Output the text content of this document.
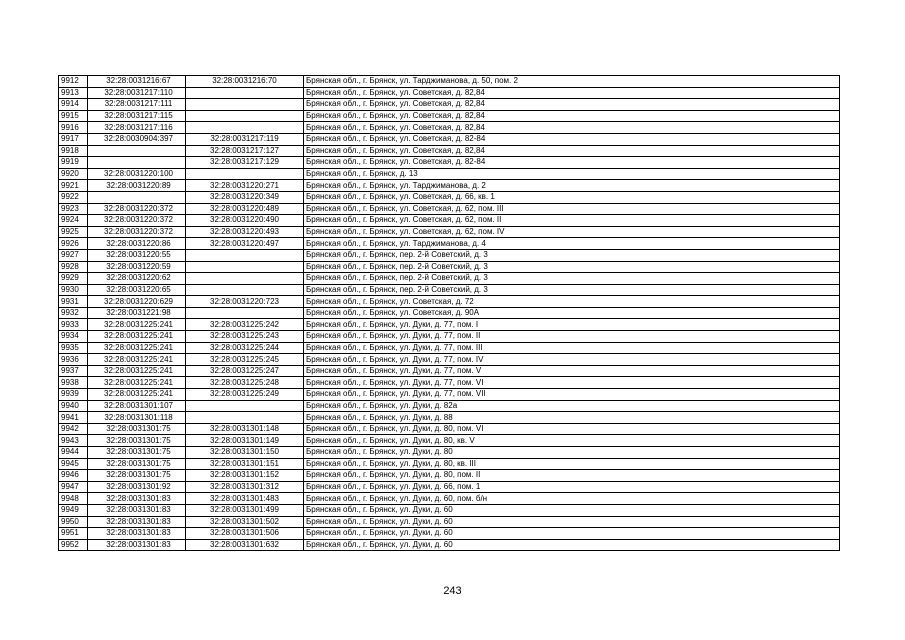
9912	32:28:0031216:67	32:28:0031216:70	Брянская обл., г. Брянск, ул. Тарджиманова, д. 50, пом. 2
9913	32:28:0031217:110		Брянская обл., г. Брянск, ул. Советская, д. 82,84
9914	32:28:0031217:111		Брянская обл., г. Брянск, ул. Советская, д. 82,84
9915	32:28:0031217:115		Брянская обл., г. Брянск, ул. Советская, д. 82,84
9916	32:28:0031217:116		Брянская обл., г. Брянск, ул. Советская, д. 82,84
9917	32:28:0030904:397	32:28:0031217:119	Брянская обл., г. Брянск, ул. Советская, д. 82-84
9918		32:28:0031217:127	Брянская обл., г. Брянск, ул. Советская, д. 82,84
9919		32:28:0031217:129	Брянская обл., г. Брянск, ул. Советская, д. 82-84
9920	32:28:0031220:100		Брянская обл., г. Брянск, д. 13
9921	32:28:0031220:89	32:28:0031220:271	Брянская обл., г. Брянск, ул. Тарджиманова, д. 2
9922		32:28:0031220:349	Брянская обл., г. Брянск, ул. Советская, д. 66, кв. 1
9923	32:28:0031220:372	32:28:0031220:489	Брянская обл., г. Брянск, ул. Советская, д. 62, пом. III
9924	32:28:0031220:372	32:28:0031220:490	Брянская обл., г. Брянск, ул. Советская, д. 62, пом. II
9925	32:28:0031220:372	32:28:0031220:493	Брянская обл., г. Брянск, ул. Советская, д. 62, пом. IV
9926	32:28:0031220:86	32:28:0031220:497	Брянская обл., г. Брянск, ул. Тарджиманова, д. 4
9927	32:28:0031220:55		Брянская обл., г. Брянск, пер. 2-й Советский, д. 3
9928	32:28:0031220:59		Брянская обл., г. Брянск, пер. 2-й Советский, д. 3
9929	32:28:0031220:62		Брянская обл., г. Брянск, пер. 2-й Советский, д. 3
9930	32:28:0031220:65		Брянская обл., г. Брянск, пер. 2-й Советский, д. 3
9931	32:28:0031220:629	32:28:0031220:723	Брянская обл., г. Брянск, ул. Советская, д. 72
9932	32:28:0031221:98		Брянская обл., г. Брянск, ул. Советская, д. 90А
9933	32:28:0031225:241	32:28:0031225:242	Брянская обл., г. Брянск, ул. Дуки, д. 77, пом. I
9934	32:28:0031225:241	32:28:0031225:243	Брянская обл., г. Брянск, ул. Дуки, д. 77, пом. II
9935	32:28:0031225:241	32:28:0031225:244	Брянская обл., г. Брянск, ул. Дуки, д. 77, пом. III
9936	32:28:0031225:241	32:28:0031225:245	Брянская обл., г. Брянск, ул. Дуки, д. 77, пом. IV
9937	32:28:0031225:241	32:28:0031225:247	Брянская обл., г. Брянск, ул. Дуки, д. 77, пом. V
9938	32:28:0031225:241	32:28:0031225:248	Брянская обл., г. Брянск, ул. Дуки, д. 77, пом. VI
9939	32:28:0031225:241	32:28:0031225:249	Брянская обл., г. Брянск, ул. Дуки, д. 77, пом. VII
9940	32:28:0031301:107		Брянская обл., г. Брянск, ул. Дуки, д. 82а
9941	32:28:0031301:118		Брянская обл., г. Брянск, ул. Дуки, д. 88
9942	32:28:0031301:75	32:28:0031301:148	Брянская обл., г. Брянск, ул. Дуки, д. 80, пом. VI
9943	32:28:0031301:75	32:28:0031301:149	Брянская обл., г. Брянск, ул. Дуки, д. 80, кв. V
9944	32:28:0031301:75	32:28:0031301:150	Брянская обл., г. Брянск, ул. Дуки, д. 80
9945	32:28:0031301:75	32:28:0031301:151	Брянская обл., г. Брянск, ул. Дуки, д. 80, кв. III
9946	32:28:0031301:75	32:28:0031301:152	Брянская обл., г. Брянск, ул. Дуки, д. 80, пом. II
9947	32:28:0031301:92	32:28:0031301:312	Брянская обл., г. Брянск, ул. Дуки, д. 66, пом. 1
9948	32:28:0031301:83	32:28:0031301:483	Брянская обл., г. Брянск, ул. Дуки, д. 60, пом. б/н
9949	32:28:0031301:83	32:28:0031301:499	Брянская обл., г. Брянск, ул. Дуки, д. 60
9950	32:28:0031301:83	32:28:0031301:502	Брянская обл., г. Брянск, ул. Дуки, д. 60
9951	32:28:0031301:83	32:28:0031301:506	Брянская обл., г. Брянск, ул. Дуки, д. 60
9952	32:28:0031301:83	32:28:0031301:632	Брянская обл., г. Брянск, ул. Дуки, д. 60
243
